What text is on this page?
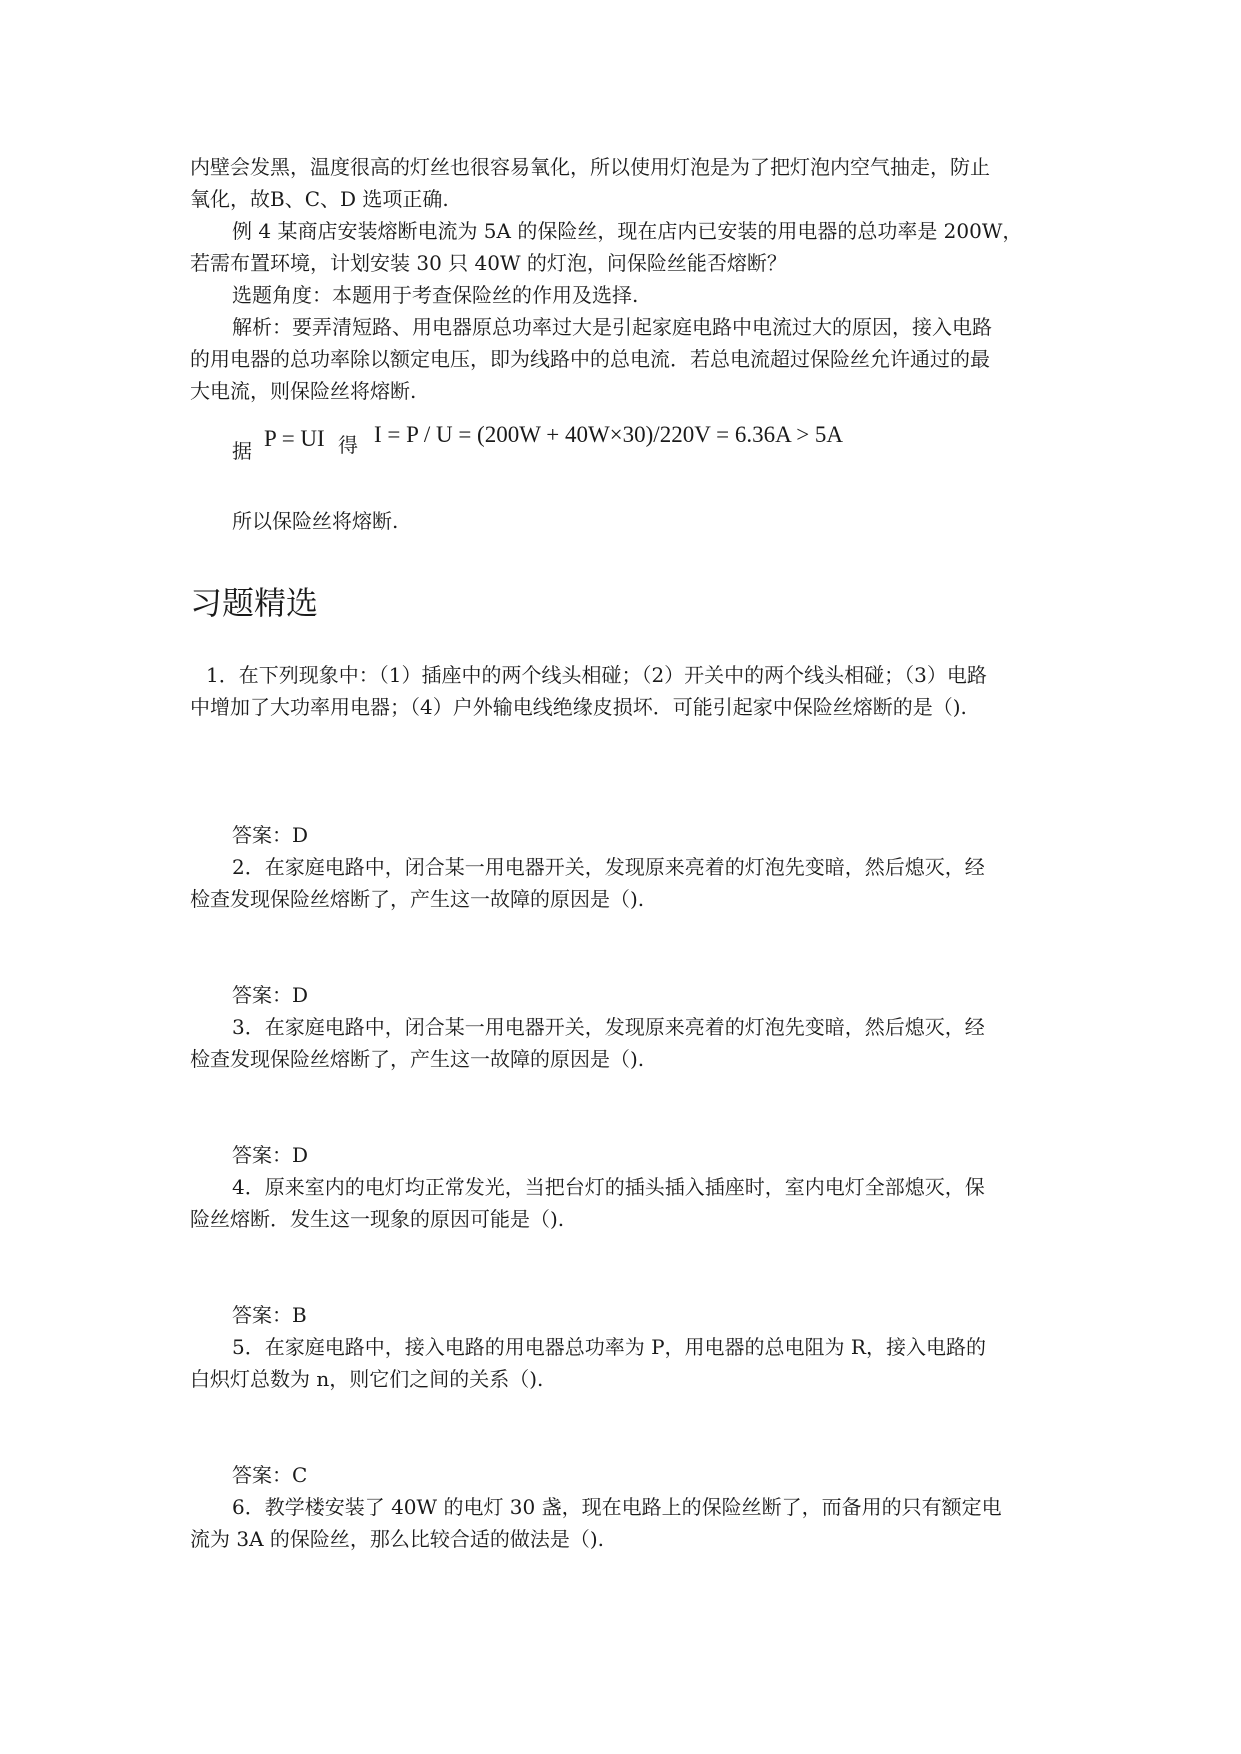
内壁会发黑，温度很高的灯丝也很容易氧化，所以使用灯泡是为了把灯泡内空气抽走，防止
氧化，故B、C、D 选项正确.
例 4 某商店安装熔断电流为 5A 的保险丝，现在店内已安装的用电器的总功率是 200W，
若需布置环境，计划安装 30 只 40W 的灯泡，问保险丝能否熔断？
选题角度：本题用于考查保险丝的作用及选择.
解析：要弄清短路、用电器原总功率过大是引起家庭电路中电流过大的原因，接入电路
的用电器的总功率除以额定电压，即为线路中的总电流．若总电流超过保险丝允许通过的最
大电流，则保险丝将熔断.
据 P = UI 得 I = P / U = (200W + 40W×30)/220V = 6.36A > 5A
所以保险丝将熔断.
习题精选
1．在下列现象中：（1）插座中的两个线头相碰；（2）开关中的两个线头相碰；（3）电路
中增加了大功率用电器；（4）户外输电线绝缘皮损坏．可能引起家中保险丝熔断的是（).
答案：D
2．在家庭电路中，闭合某一用电器开关，发现原来亮着的灯泡先变暗，然后熄灭，经
检查发现保险丝熔断了，产生这一故障的原因是（).
答案：D
3．在家庭电路中，闭合某一用电器开关，发现原来亮着的灯泡先变暗，然后熄灭，经
检查发现保险丝熔断了，产生这一故障的原因是（).
答案：D
4．原来室内的电灯均正常发光，当把台灯的插头插入插座时，室内电灯全部熄灭，保
险丝熔断．发生这一现象的原因可能是（).
答案：B
5．在家庭电路中，接入电路的用电器总功率为 P，用电器的总电阻为 R，接入电路的
白炽灯总数为 n，则它们之间的关系（).
答案：C
6．教学楼安装了 40W 的电灯 30 盏，现在电路上的保险丝断了，而备用的只有额定电
流为 3A 的保险丝，那么比较合适的做法是（).
